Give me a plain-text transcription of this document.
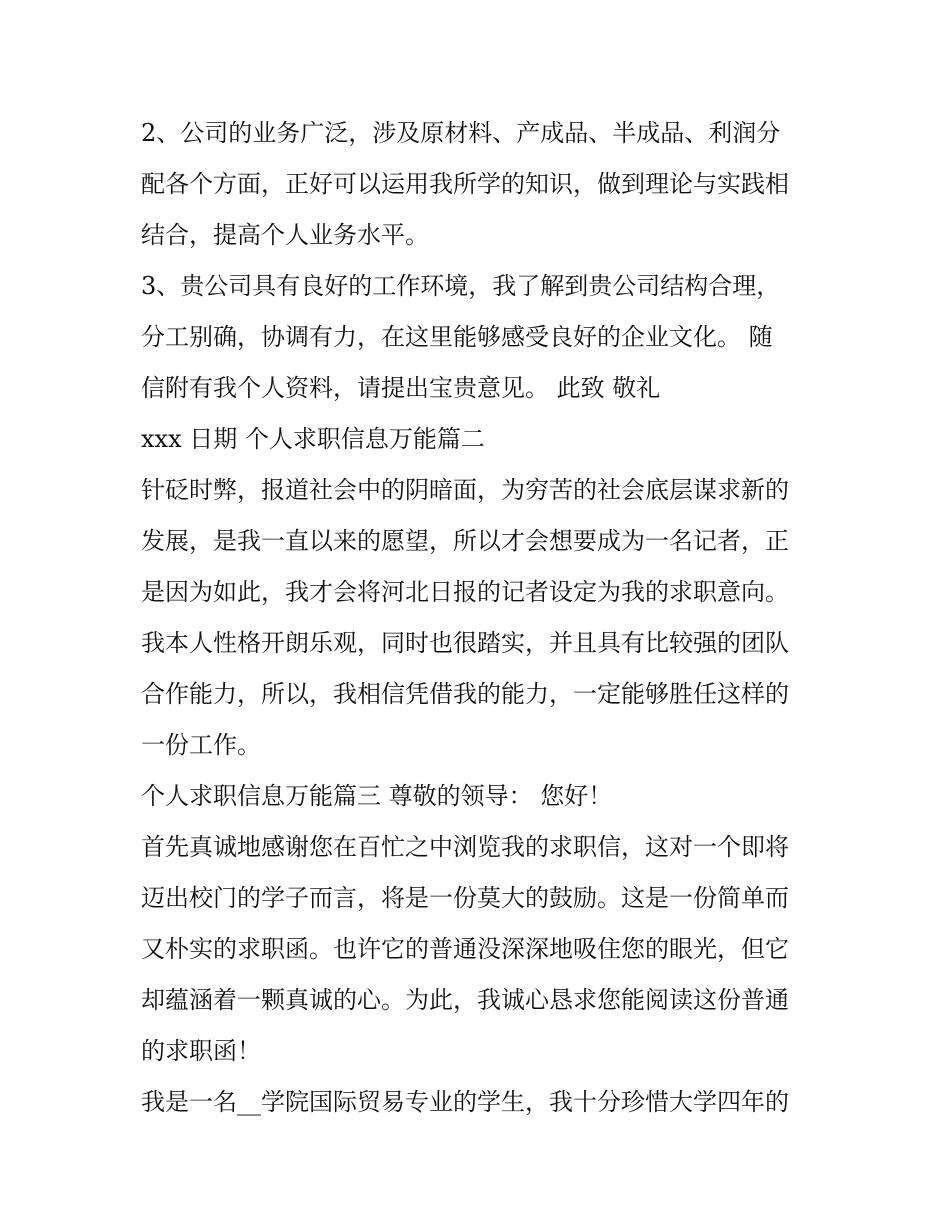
2、公司的业务广泛，涉及原材料、产成品、半成品、利润分
配各个方面，正好可以运用我所学的知识，做到理论与实践相
结合，提高个人业务水平。
3、贵公司具有良好的工作环境，我了解到贵公司结构合理，
分工别确，协调有力，在这里能够感受良好的企业文化。 随
信附有我个人资料，请提出宝贵意见。 此致 敬礼
xxx 日期 个人求职信息万能篇二
针砭时弊，报道社会中的阴暗面，为穷苦的社会底层谋求新的
发展，是我一直以来的愿望，所以才会想要成为一名记者，正
是因为如此，我才会将河北日报的记者设定为我的求职意向。
我本人性格开朗乐观，同时也很踏实，并且具有比较强的团队
合作能力，所以，我相信凭借我的能力，一定能够胜任这样的
一份工作。
个人求职信息万能篇三 尊敬的领导： 您好！
首先真诚地感谢您在百忙之中浏览我的求职信，这对一个即将
迈出校门的学子而言，将是一份莫大的鼓励。这是一份简单而
又朴实的求职函。也许它的普通没深深地吸住您的眼光，但它
却蕴涵着一颗真诚的心。为此，我诚心恳求您能阅读这份普通
的求职函！
我是一名__学院国际贸易专业的学生，我十分珍惜大学四年的
